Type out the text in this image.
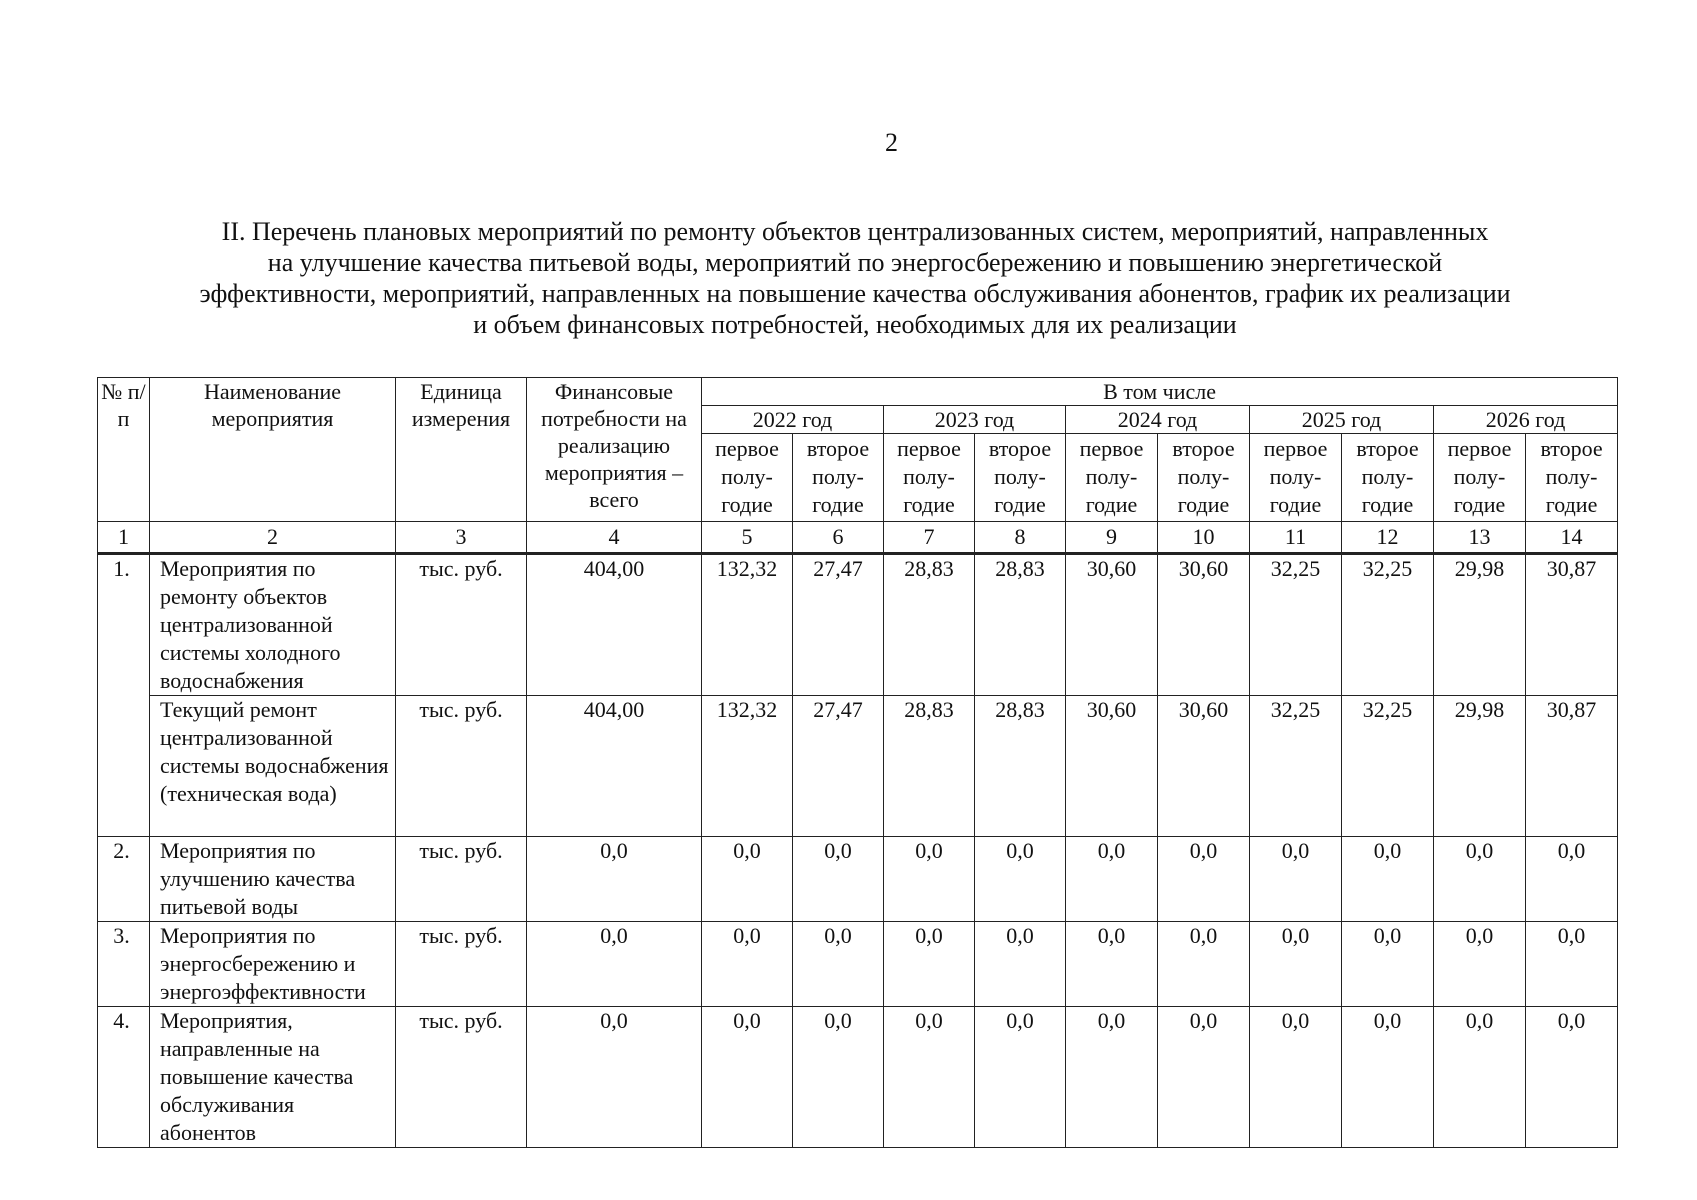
2
II. Перечень плановых мероприятий по ремонту объектов централизованных систем, мероприятий, направленных
на улучшение качества питьевой воды, мероприятий по энергосбережению и повышению энергетической
эффективности, мероприятий, направленных на повышение качества обслуживания абонентов, график их реализации
и объем финансовых потребностей, необходимых для их реализации
№ п/п	Наименование мероприятия	Единица измерения	Финансовые потребности на реализацию мероприятия – всего	В том числе									
				2022 год		2023 год		2024 год		2025 год		2026 год	
				первое полу-годие	второе полу-годие	первое полу-годие	второе полу-годие	первое полу-годие	второе полу-годие	первое полу-годие	второе полу-годие	первое полу-годие	второе полу-годие
1	2	3	4	5	6	7	8	9	10	11	12	13	14
1.	Мероприятия по ремонту объектов централизованной системы холодного водоснабжения	тыс. руб.	404,00	132,32	27,47	28,83	28,83	30,60	30,60	32,25	32,25	29,98	30,87
	Текущий ремонт централизованной системы водоснабжения (техническая вода)	тыс. руб.	404,00	132,32	27,47	28,83	28,83	30,60	30,60	32,25	32,25	29,98	30,87
2.	Мероприятия по улучшению качества питьевой воды	тыс. руб.	0,0	0,0	0,0	0,0	0,0	0,0	0,0	0,0	0,0	0,0	0,0
3.	Мероприятия по энергосбережению и энергоэффективности	тыс. руб.	0,0	0,0	0,0	0,0	0,0	0,0	0,0	0,0	0,0	0,0	0,0
4.	Мероприятия, направленные на повышение качества обслуживания абонентов	тыс. руб.	0,0	0,0	0,0	0,0	0,0	0,0	0,0	0,0	0,0	0,0	0,0
